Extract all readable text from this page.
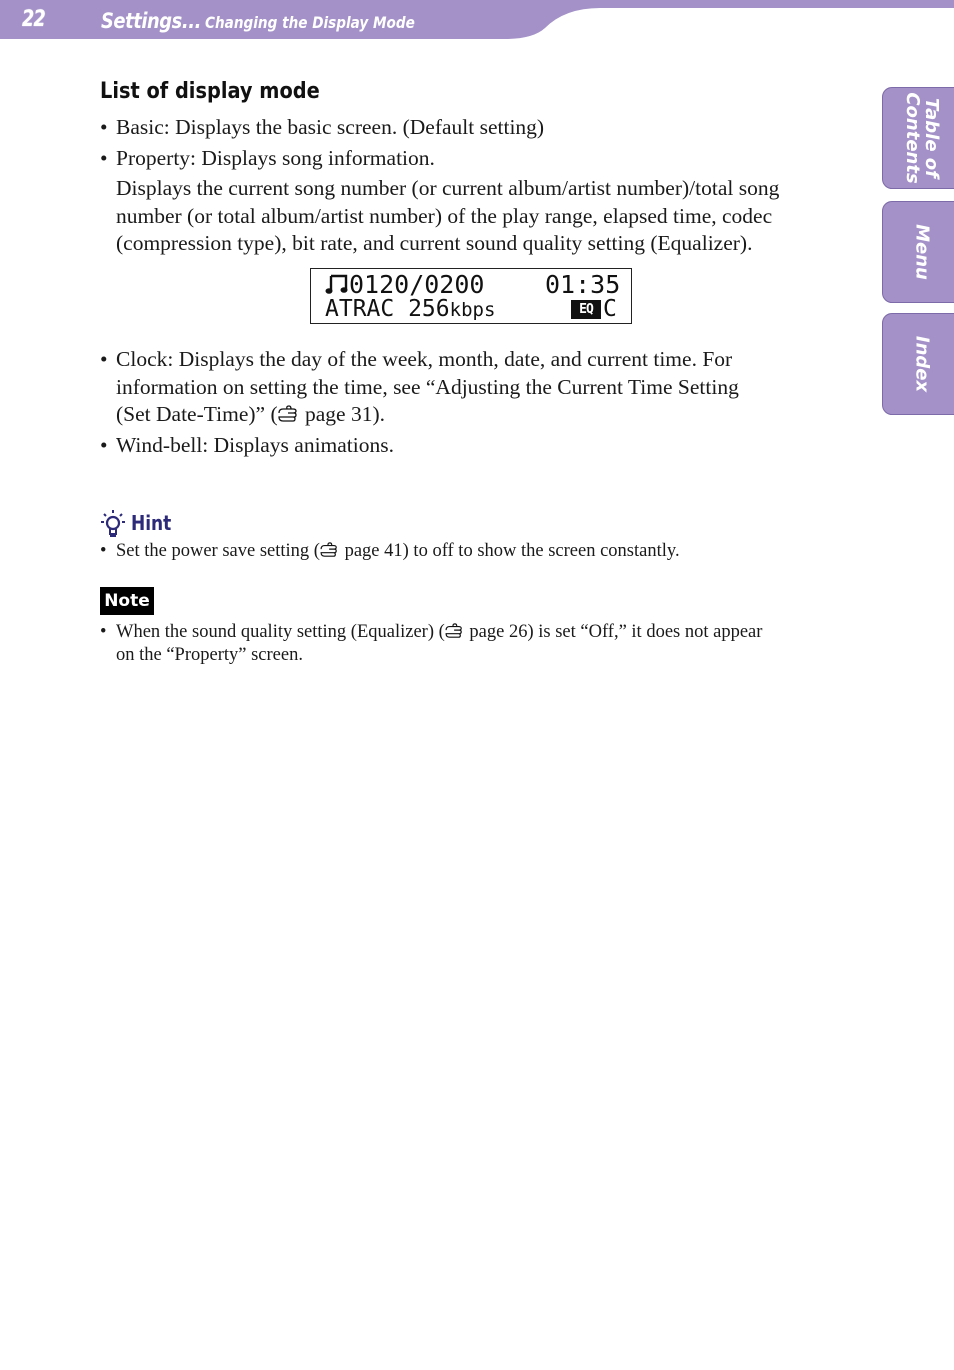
22	Settings... Changing the Display Mode
Table of
Contents
Menu
Index
List of display mode
• Basic: Displays the basic screen. (Default setting)
• Property: Displays song information.
Displays the current song number (or current album/artist number)/total song
number (or total album/artist number) of the play range, elapsed time, codec
(compression type), bit rate, and current sound quality setting (Equalizer).
0120/0200 01:35
ATRAC 256kbps	EQ C
• Clock: Displays the day of the week, month, date, and current time. For
information on setting the time, see “Adjusting the Current Time Setting
(Set Date-Time)” ( page 31).
• Wind-bell: Displays animations.
Hint
• Set the power save setting ( page 41) to off to show the screen constantly.
Note
• When the sound quality setting (Equalizer) ( page 26) is set “Off,” it does not appear
on the “Property” screen.
